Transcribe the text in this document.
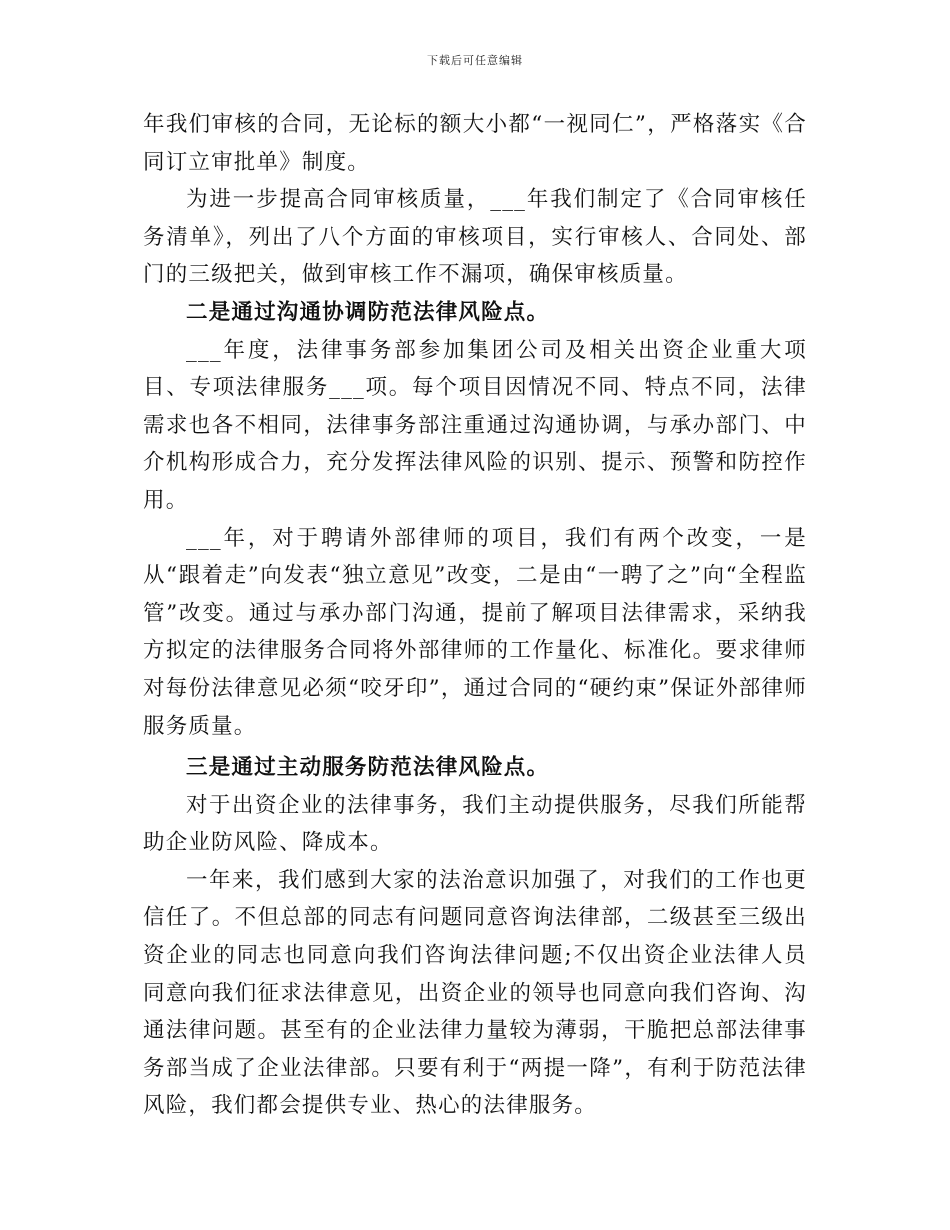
下载后可任意编辑

年我们审核的合同，无论标的额大小都“一视同仁”，严格落实《合同订立审批单》制度。

为进一步提高合同审核质量，___年我们制定了《合同审核任务清单》，列出了八个方面的审核项目，实行审核人、合同处、部门的三级把关，做到审核工作不漏项，确保审核质量。

二是通过沟通协调防范法律风险点。

___年度，法律事务部参加集团公司及相关出资企业重大项目、专项法律服务___项。每个项目因情况不同、特点不同，法律需求也各不相同，法律事务部注重通过沟通协调，与承办部门、中介机构形成合力，充分发挥法律风险的识别、提示、预警和防控作用。

___年，对于聘请外部律师的项目，我们有两个改变，一是从“跟着走”向发表“独立意见”改变，二是由“一聘了之”向“全程监管”改变。通过与承办部门沟通，提前了解项目法律需求，采纳我方拟定的法律服务合同将外部律师的工作量化、标准化。要求律师对每份法律意见必须“咬牙印”，通过合同的“硬约束”保证外部律师服务质量。

三是通过主动服务防范法律风险点。

对于出资企业的法律事务，我们主动提供服务，尽我们所能帮助企业防风险、降成本。

一年来，我们感到大家的法治意识加强了，对我们的工作也更信任了。不但总部的同志有问题同意咨询法律部，二级甚至三级出资企业的同志也同意向我们咨询法律问题;不仅出资企业法律人员同意向我们征求法律意见，出资企业的领导也同意向我们咨询、沟通法律问题。甚至有的企业法律力量较为薄弱，干脆把总部法律事务部当成了企业法律部。只要有利于“两提一降”，有利于防范法律风险，我们都会提供专业、热心的法律服务。
